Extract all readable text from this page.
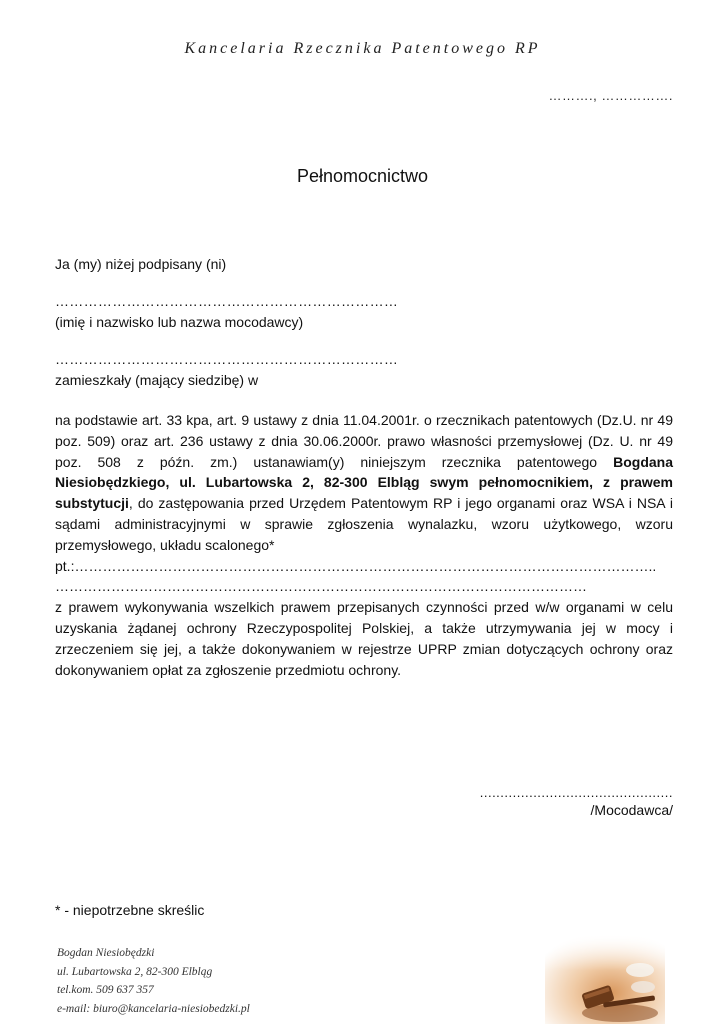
Kancelaria Rzecznika Patentowego RP
………., …………….
Pełnomocnictwo
Ja (my) niżej podpisany (ni)
………………………………………………………………
(imię i nazwisko lub nazwa mocodawcy)
………………………………………………………………
zamieszkały (mający siedzibę) w
na podstawie art. 33 kpa, art. 9 ustawy z dnia 11.04.2001r. o rzecznikach patentowych (Dz.U. nr 49 poz. 509) oraz art. 236 ustawy z dnia 30.06.2000r. prawo własności przemysłowej (Dz. U. nr 49 poz. 508 z późn. zm.) ustanawiam(y) niniejszym rzecznika patentowego Bogdana Niesiobędzkiego, ul. Lubartowska 2, 82-300 Elbląg swym pełnomocnikiem, z prawem substytucji, do zastępowania przed Urzędem Patentowym RP i jego organami oraz WSA i NSA i sądami administracyjnymi w sprawie zgłoszenia wynalazku, wzoru użytkowego, wzoru przemysłowego, układu scalonego*
pt.:……………………………………………………………………………………………………………..
……………………………………………………………………………………………………
z prawem wykonywania wszelkich prawem przepisanych czynności przed w/w organami w celu uzyskania żądanej ochrony Rzeczypospolitej Polskiej, a także utrzymywania jej w mocy i zrzeczeniem się jej, a także dokonywaniem w rejestrze UPRP zmian dotyczących ochrony oraz dokonywaniem opłat za zgłoszenie przedmiotu ochrony.
...............................................
/Mocodawca/
* - niepotrzebne skreślic
Bogdan Niesiobędzki
ul. Lubartowska 2, 82-300 Elbląg
tel.kom. 509 637 357
e-mail: biuro@kancelaria-niesiobedzki.pl
